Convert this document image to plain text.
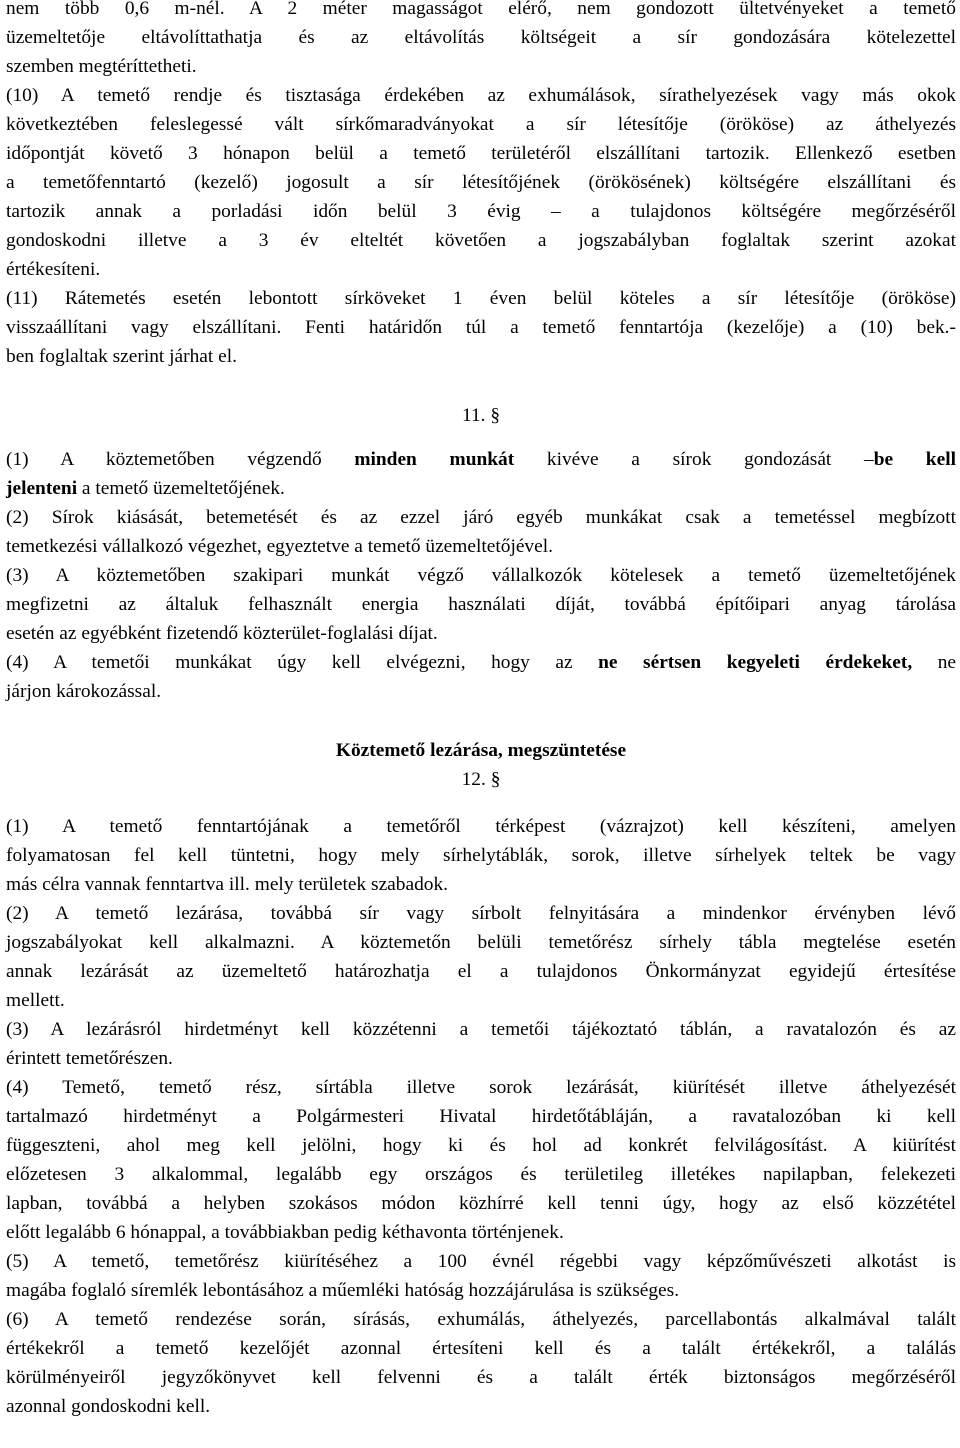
nem több 0,6 m-nél. A 2 méter magasságot elérő, nem gondozott ültetvényeket a temető
üzemeltetője eltávolíttathatja és az eltávolítás költségeit a sír gondozására kötelezettel
szemben megtéríttetheti.
(10) A temető rendje és tisztasága érdekében az exhumálások, sírathelyezések vagy más okok
következtében feleslegessé vált sírkőmaradványokat a sír létesítője (örököse) az áthelyezés
időpontját követő 3 hónapon belül a temető területéről elszállítani tartozik. Ellenkező esetben
a temetőfenntartó (kezelő) jogosult a sír létesítőjének (örökösének) költségére elszállítani és
tartozik annak a porladási időn belül 3 évig – a tulajdonos költségére megőrzéséről
gondoskodni illetve a 3 év elteltét követően a jogszabályban foglaltak szerint azokat
értékesíteni.
(11) Rátemetés esetén lebontott sírköveket 1 éven belül köteles a sír létesítője (örököse)
visszaállítani vagy elszállítani. Fenti határidőn túl a temető fenntartója (kezelője) a (10) bek.-
ben foglaltak szerint járhat el.

11. §

(1) A köztemetőben végzendő minden munkát kivéve a sírok gondozását –be kell
jelenteni a temető üzemeltetőjének.
(2) Sírok kiásását, betemetését és az ezzel járó egyéb munkákat csak a temetéssel megbízott
temetkezési vállalkozó végezhet, egyeztetve a temető üzemeltetőjével.
(3) A köztemetőben szakipari munkát végző vállalkozók kötelesek a temető üzemeltetőjének
megfizetni az általuk felhasznált energia használati díját, továbbá építőipari anyag tárolása
esetén az egyébként fizetendő közterület-foglalási díjat.
(4) A temetői munkákat úgy kell elvégezni, hogy az ne sértsen kegyeleti érdekeket, ne
járjon károkozással.

Köztemető lezárása, megszüntetése

12. §

(1) A temető fenntartójának a temetőről térképest (vázrajzot) kell készíteni, amelyen
folyamatosan fel kell tüntetni, hogy mely sírhelytáblák, sorok, illetve sírhelyek teltek be vagy
más célra vannak fenntartva ill. mely területek szabadok.
(2) A temető lezárása, továbbá sír vagy sírbolt felnyitására a mindenkor érvényben lévő
jogszabályokat kell alkalmazni. A köztemetőn belüli temetőrész sírhely tábla megtelése esetén
annak lezárását az üzemeltető határozhatja el a tulajdonos Önkormányzat egyidejű értesítése
mellett.
(3) A lezárásról hirdetményt kell közzétenni a temetői tájékoztató táblán, a ravatalozón és az
érintett temetőrészen.
(4) Temető, temető rész, sírtábla illetve sorok lezárását, kiürítését illetve áthelyezését
tartalmazó hirdetményt a Polgármesteri Hivatal hirdetőtábláján, a ravatalozóban ki kell
függeszteni, ahol meg kell jelölni, hogy ki és hol ad konkrét felvilágosítást. A kiürítést
előzetesen 3 alkalommal, legalább egy országos és területileg illetékes napilapban, felekezeti
lapban, továbbá a helyben szokásos módon közhírré kell tenni úgy, hogy az első közzététel
előtt legalább 6 hónappal, a továbbiakban pedig kéthavonta történjenek.
(5) A temető, temetőrész kiürítéséhez a 100 évnél régebbi vagy képzőművészeti alkotást is
magába foglaló síremlék lebontásához a műemléki hatóság hozzájárulása is szükséges.
(6) A temető rendezése során, sírásás, exhumálás, áthelyezés, parcellabontás alkalmával talált
értékekről a temető kezelőjét azonnal értesíteni kell és a talált értékekről, a találás
körülményeiről jegyzőkönyvet kell felvenni és a talált érték biztonságos megőrzéséről
azonnal gondoskodni kell.
